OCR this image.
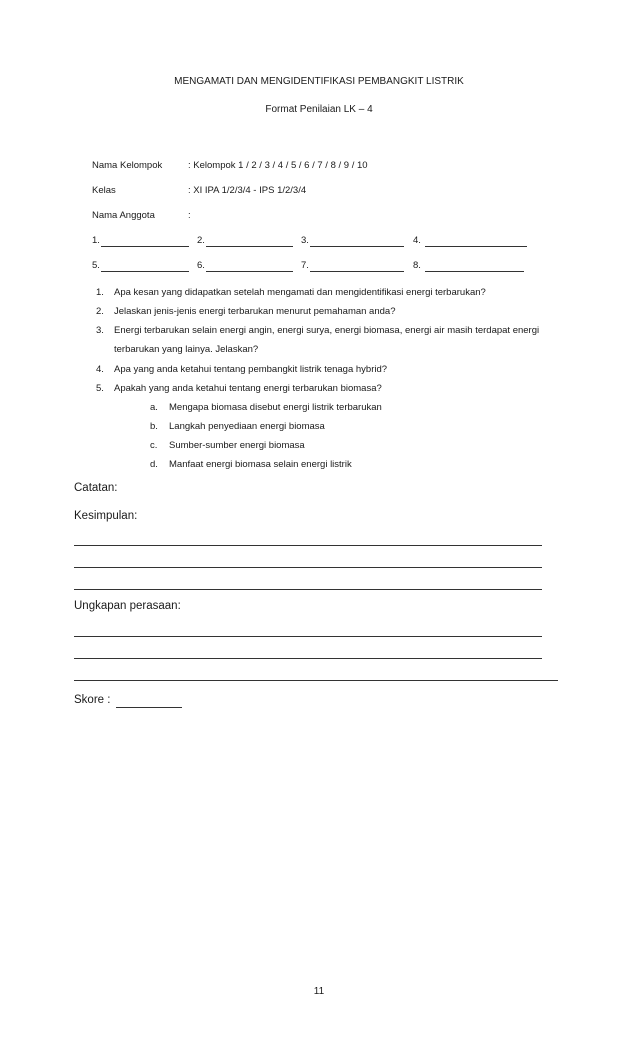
MENGAMATI DAN MENGIDENTIFIKASI PEMBANGKIT LISTRIK
Format Penilaian LK – 4
Nama Kelompok	: Kelompok 1 / 2 / 3 / 4 / 5 / 6 / 7 / 8 / 9 / 10
Kelas	: XI IPA 1/2/3/4 - IPS 1/2/3/4
Nama Anggota	:
1.	2.	3.	4.
5.	6.	7.	8.
1. Apa kesan yang didapatkan setelah mengamati dan mengidentifikasi energi terbarukan?
2. Jelaskan jenis-jenis energi terbarukan menurut pemahaman anda?
3. Energi terbarukan selain energi angin, energi surya, energi biomasa, energi air masih terdapat energi
terbarukan yang lainya. Jelaskan?
4. Apa yang anda ketahui tentang pembangkit listrik tenaga hybrid?
5. Apakah yang anda ketahui tentang energi terbarukan biomasa?
a. Mengapa biomasa disebut energi listrik terbarukan
b. Langkah penyediaan energi biomasa
c. Sumber-sumber energi biomasa
d. Manfaat energi biomasa selain energi listrik
Catatan:
Kesimpulan:
Ungkapan perasaan:
Skore :
11
